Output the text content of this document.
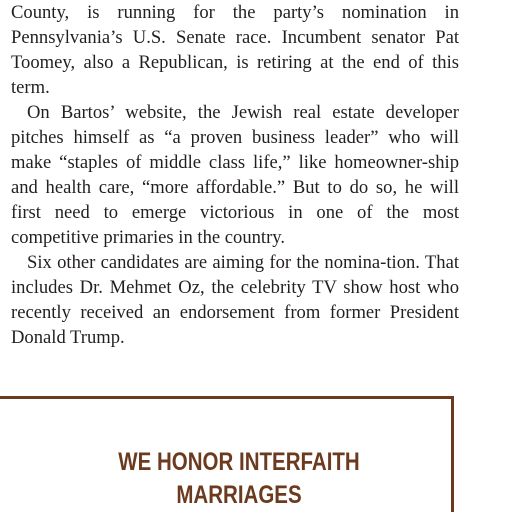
County, is running for the party’s nomination in Pennsylvania’s U.S. Senate race. Incumbent senator Pat Toomey, also a Republican, is retiring at the end of this term.

On Bartos’ website, the Jewish real estate developer pitches himself as “a proven business leader” who will make “staples of middle class life,” like homeowner-ship and health care, “more affordable.” But to do so, he will first need to emerge victorious in one of the most competitive primaries in the country.

Six other candidates are aiming for the nomina-tion. That includes Dr. Mehmet Oz, the celebrity TV show host who recently received an endorsement from former President Donald Trump.

WE HONOR INTERFAITH
MARRIAGES
